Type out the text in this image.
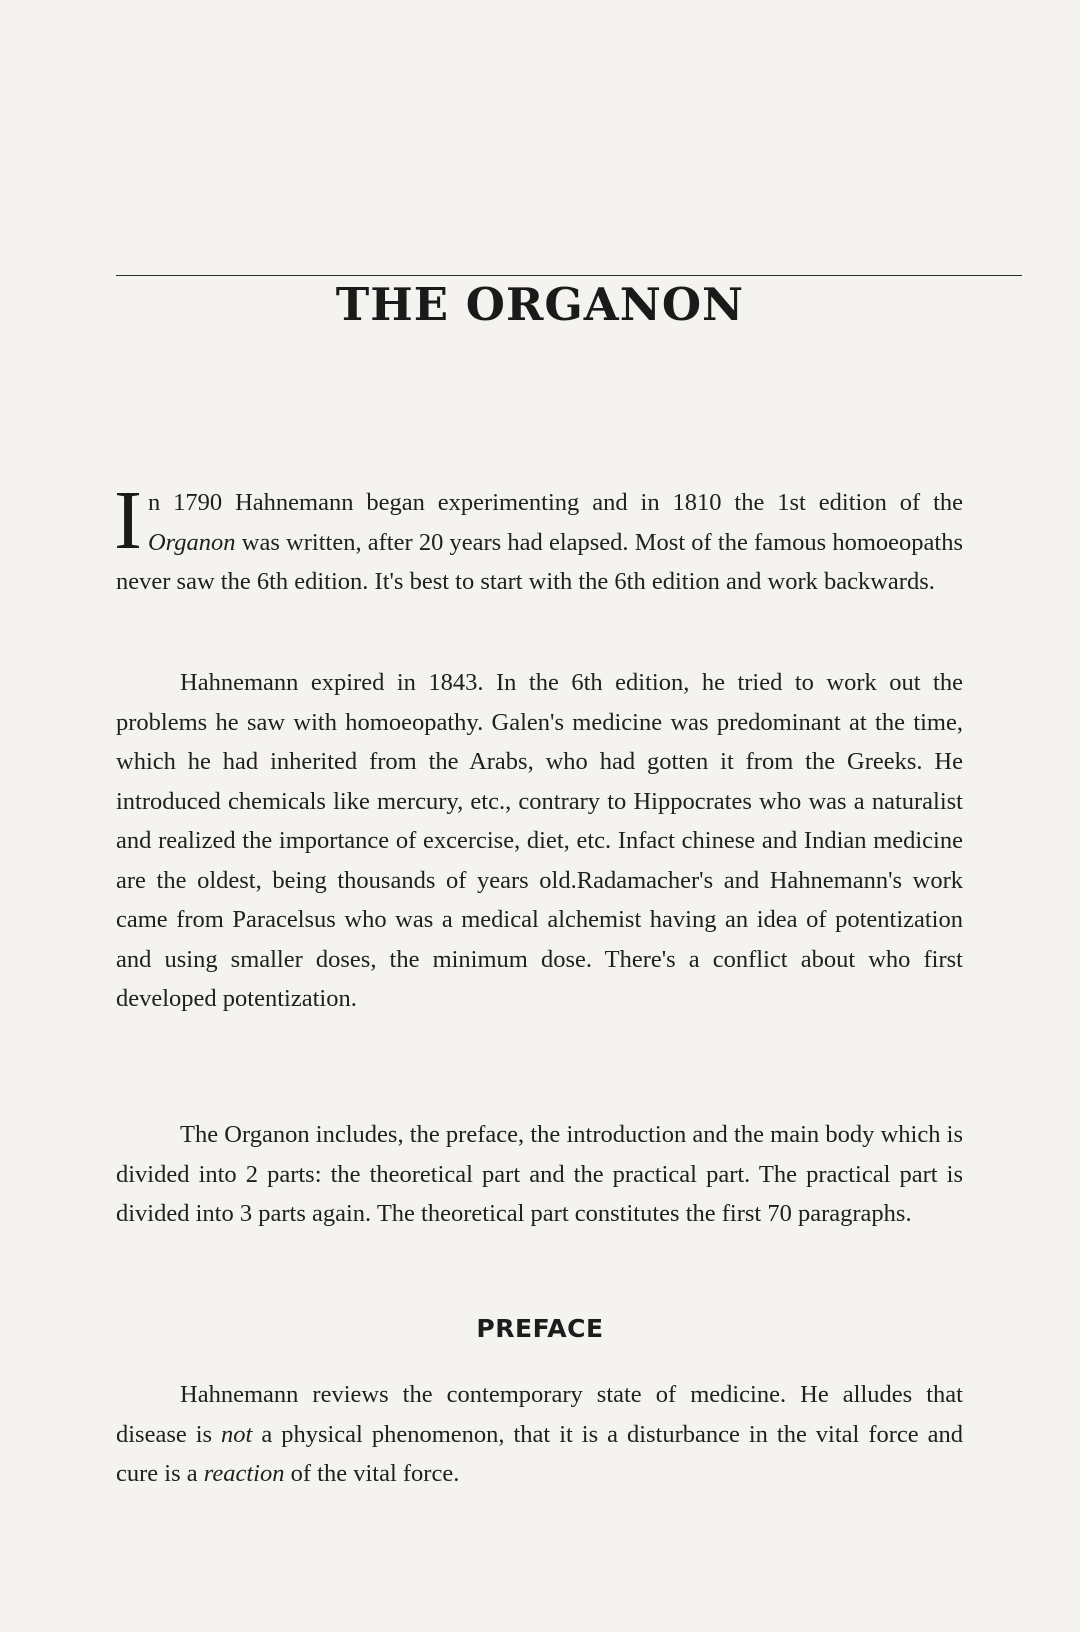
THE ORGANON

In 1790 Hahnemann began experimenting and in 1810 the 1st edition of the Organon was written, after 20 years had elapsed. Most of the famous homoeopaths never saw the 6th edition. It's best to start with the 6th edition and work backwards.

Hahnemann expired in 1843. In the 6th edition, he tried to work out the problems he saw with homoeopathy. Galen's medicine was predominant at the time, which he had inherited from the Arabs, who had gotten it from the Greeks. He introduced chemicals like mercury, etc., contrary to Hippocrates who was a naturalist and realized the importance of excercise, diet, etc. Infact chinese and Indian medicine are the oldest, being thousands of years old.Radamacher's and Hahnemann's work came from Paracelsus who was a medical alchemist having an idea of potentization and using smaller doses, the minimum dose. There's a conflict about who first developed potentization.

The Organon includes, the preface, the introduction and the main body which is divided into 2 parts: the theoretical part and the practical part. The practical part is divided into 3 parts again. The theoretical part constitutes the first 70 paragraphs.

PREFACE

Hahnemann reviews the contemporary state of medicine. He alludes that disease is not a physical phenomenon, that it is a disturbance in the vital force and cure is a reaction of the vital force.
